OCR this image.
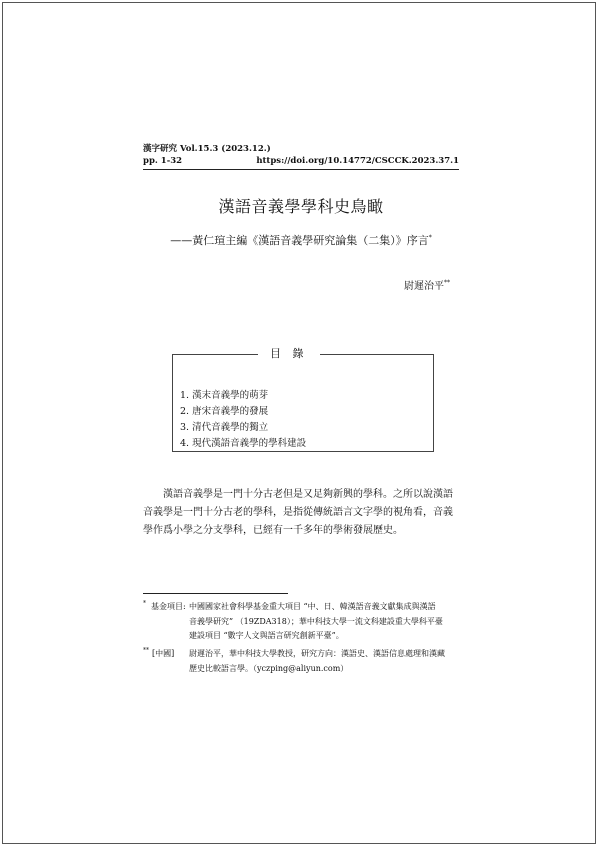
漢字研究 Vol.15.3 (2023.12.)
pp. 1-32	https://doi.org/10.14772/CSCCK.2023.37.1
漢語音義學學科史鳥瞰
——黃仁瑄主編《漢語音義學研究論集（二集）》序言*
尉遲治平**
目 錄
1. 漢末音義學的萌芽
2. 唐宋音義學的發展
3. 清代音義學的獨立
4. 現代漢語音義學的學科建設

漢語音義學是一門十分古老但是又足夠新興的學科。之所以說漢語音義學是一門十分古老的學科，是指從傳統語言文字學的視角看，音義學作爲小學之分支學科，已經有一千多年的學術發展歷史。

* 基金項目: 中國國家社會科學基金重大項目 “中、日、韓漢語音義文獻集成與漢語
音義學研究” （19ZDA318）；華中科技大學一流文科建設重大學科平臺
建設項目 “數字人文與語言研究創新平臺”。
** [中國] 尉遲治平，華中科技大學教授，研究方向：漢語史、漢語信息處理和漢藏
歷史比較語言學。（yczping@aliyun.com）
